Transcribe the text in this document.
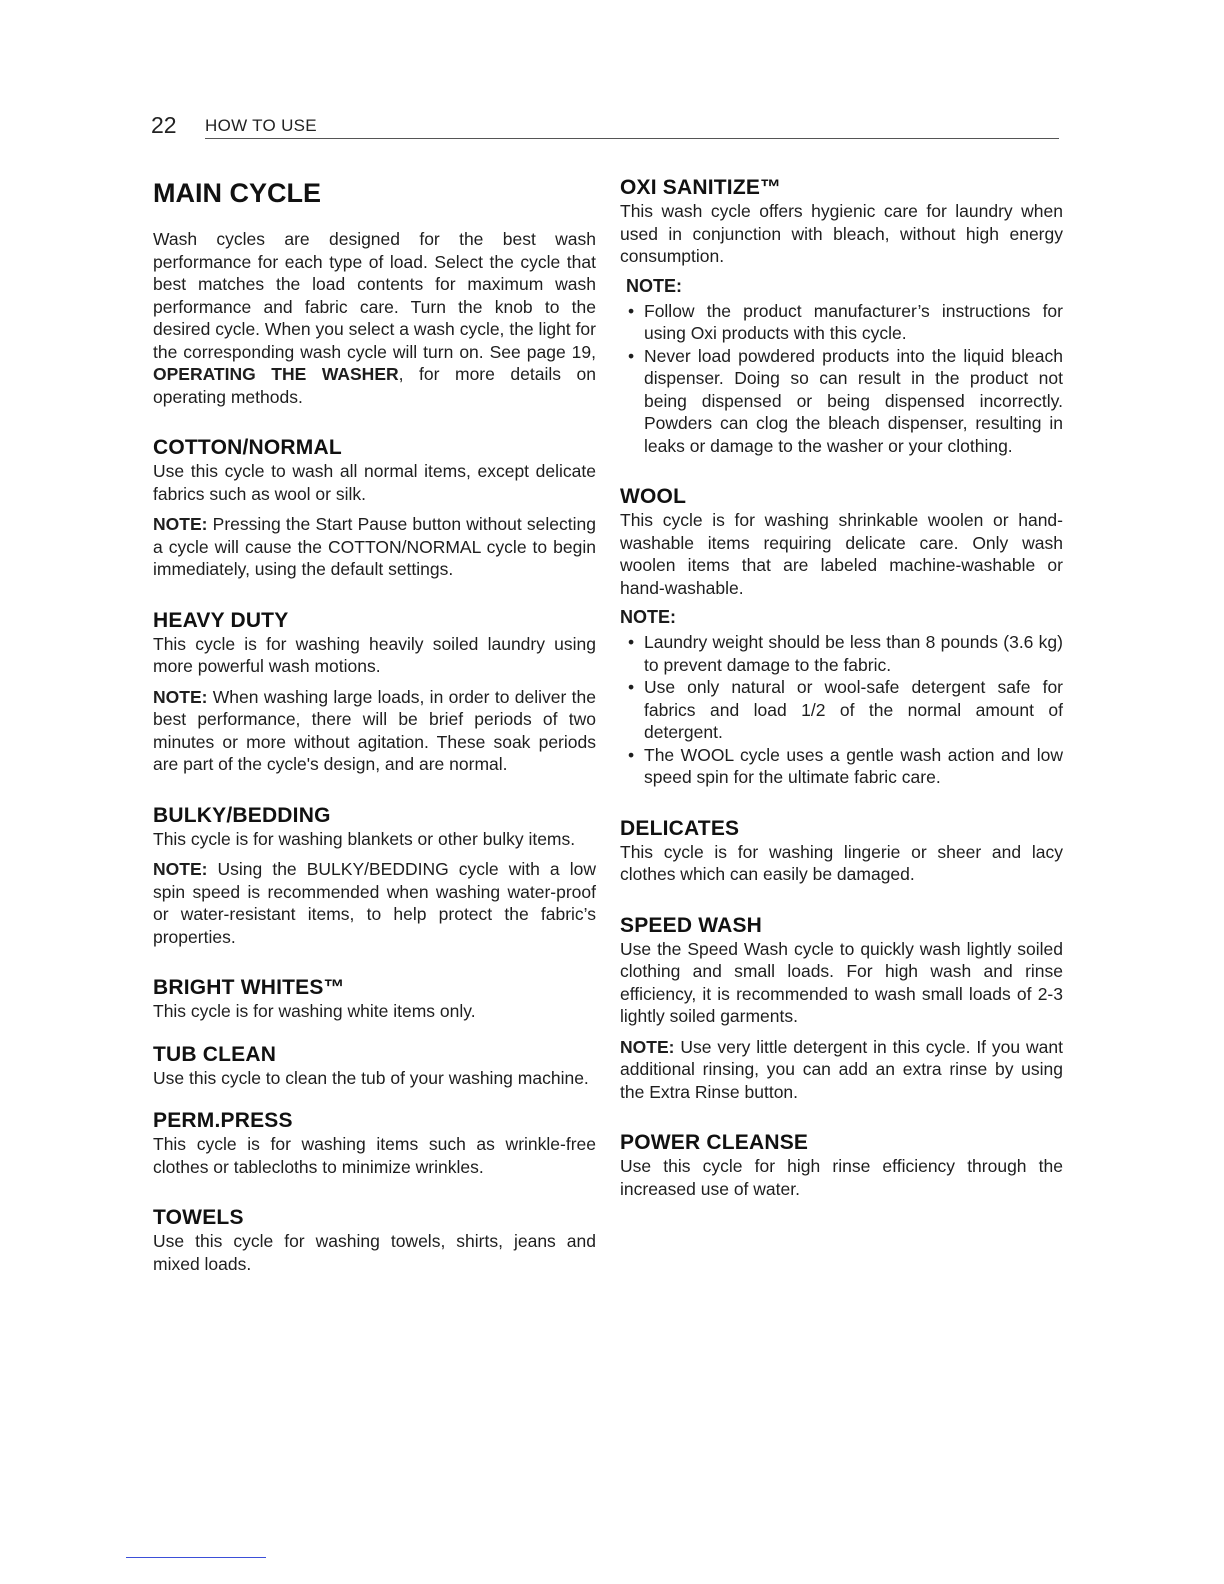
22 HOW TO USE
MAIN CYCLE

Wash cycles are designed for the best wash performance for each type of load. Select the cycle that best matches the load contents for maximum wash performance and fabric care. Turn the knob to the desired cycle. When you select a wash cycle, the light for the corresponding wash cycle will turn on. See page 19, OPERATING THE WASHER, for more details on operating methods.

COTTON/NORMAL

Use this cycle to wash all normal items, except delicate fabrics such as wool or silk.

NOTE: Pressing the Start Pause button without selecting a cycle will cause the COTTON/NORMAL cycle to begin immediately, using the default settings.

HEAVY DUTY

This cycle is for washing heavily soiled laundry using more powerful wash motions.

NOTE: When washing large loads, in order to deliver the best performance, there will be brief periods of two minutes or more without agitation. These soak periods are part of the cycle's design, and are normal.

BULKY/BEDDING

This cycle is for washing blankets or other bulky items.

NOTE: Using the BULKY/BEDDING cycle with a low spin speed is recommended when washing water-proof or water-resistant items, to help protect the fabric’s properties.

BRIGHT WHITES™

This cycle is for washing white items only.

TUB CLEAN

Use this cycle to clean the tub of your washing machine.

PERM.PRESS

This cycle is for washing items such as wrinkle-free clothes or tablecloths to minimize wrinkles.

TOWELS

Use this cycle for washing towels, shirts, jeans and mixed loads.

OXI SANITIZE™

This wash cycle offers hygienic care for laundry when used in conjunction with bleach, without high energy consumption.

NOTE:
• Follow the product manufacturer’s instructions for using Oxi products with this cycle.
• Never load powdered products into the liquid bleach dispenser. Doing so can result in the product not being dispensed or being dispensed incorrectly. Powders can clog the bleach dispenser, resulting in leaks or damage to the washer or your clothing.
WOOL

This cycle is for washing shrinkable woolen or hand-washable items requiring delicate care. Only wash woolen items that are labeled machine-washable or hand-washable.

NOTE:
• Laundry weight should be less than 8 pounds (3.6 kg) to prevent damage to the fabric.
• Use only natural or wool-safe detergent safe for fabrics and load 1/2 of the normal amount of detergent.
• The WOOL cycle uses a gentle wash action and low speed spin for the ultimate fabric care.
DELICATES

This cycle is for washing lingerie or sheer and lacy clothes which can easily be damaged.

SPEED WASH

Use the Speed Wash cycle to quickly wash lightly soiled clothing and small loads. For high wash and rinse efficiency, it is recommended to wash small loads of 2-3 lightly soiled garments.

NOTE: Use very little detergent in this cycle. If you want additional rinsing, you can add an extra rinse by using the Extra Rinse button.

POWER CLEANSE

Use this cycle for high rinse efficiency through the increased use of water.
